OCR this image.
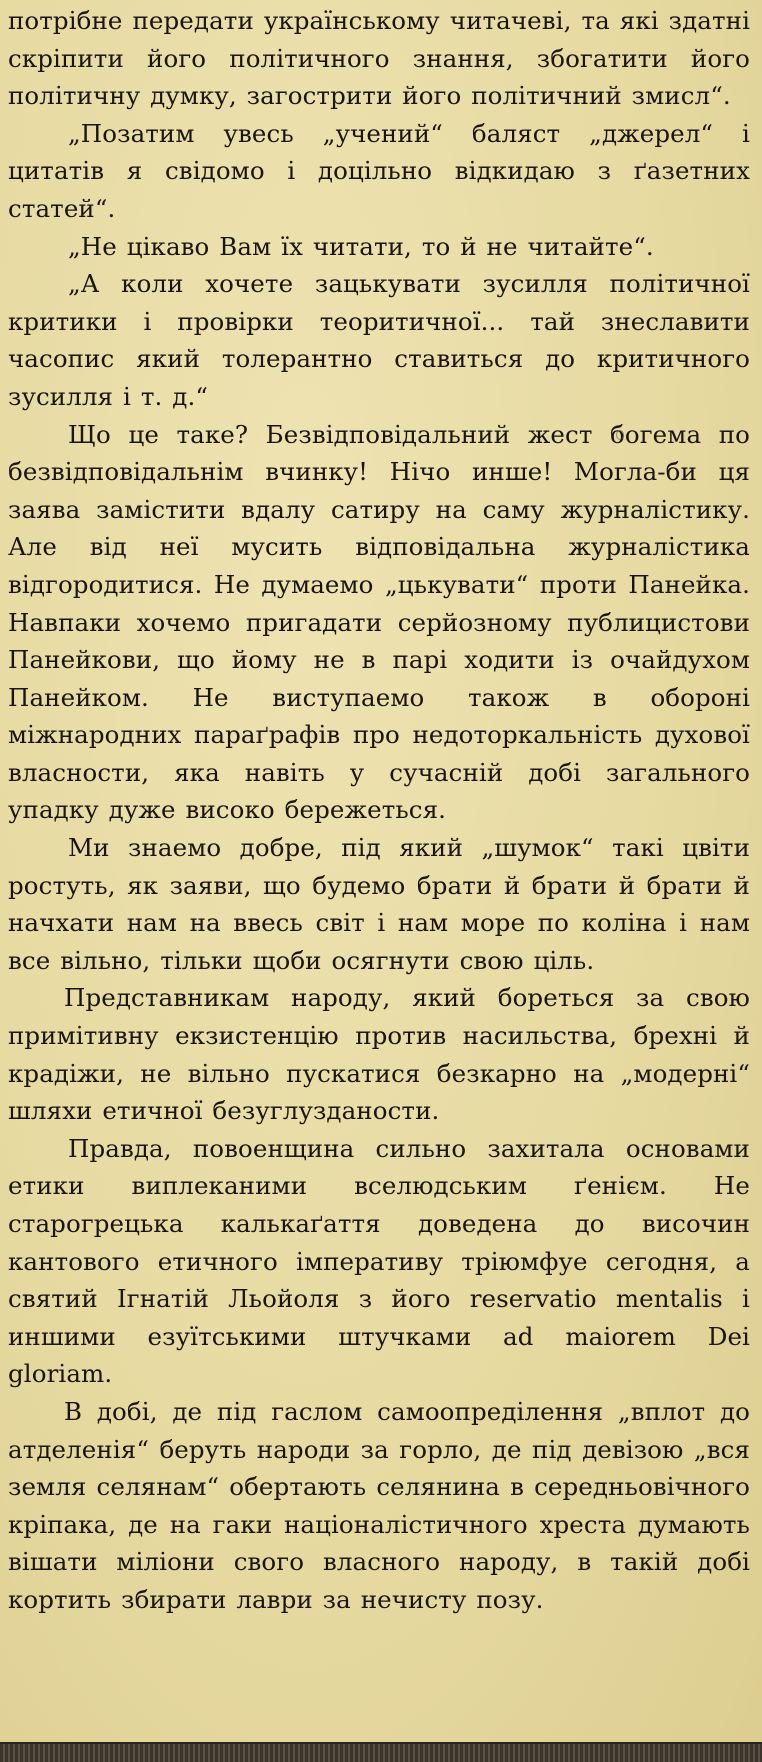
потрібне передати українському читачеві, та які здатні скріпити його політичного знання, збогатити його політичну думку, загострити його політичний змисл“.

„Позатим увесь „учений“ баляст „джерел“ і цитатів я свідомо і доцільно відкидаю з ґазетних статей“.

„Не цікаво Вам їх читати, то й не читайте“.

„А коли хочете зацькувати зусилля політичної критики і провірки теоритичної... тай знеславити часопис який толерантно ставиться до критичного зусилля і т. д.“

Що це таке? Безвідповідальний жест богема по безвідповідальнім вчинку! Нічо инше! Могла-би ця заява замістити вдалу сатиру на саму журналістику. Але від неї мусить відповідальна журналістика відгородитися. Не думаемо „цькувати“ проти Панейка. Навпаки хочемо пригадати серйозному публицистови Панейкови, що йому не в парі ходити із очайдухом Панейком. Не виступаемо також в обороні міжнародних параґрафів про недоторкальність духової власности, яка навіть у сучасній добі загального упадку дуже високо бережеться.

Ми знаемо добре, під який „шумок“ такі цвіти ростуть, як заяви, що будемо брати й брати й брати й начхати нам на ввесь світ і нам море по коліна і нам все вільно, тільки щоби осягнути свою ціль.

Представникам народу, який бореться за свою примітивну екзистенцію против насильства, брехні й крадіжи, не вільно пускатися безкарно на „модерні“ шляхи етичної безуглузданости.

Правда, повоенщина сильно захитала основами етики виплеканими вселюдським ґенієм. Не старогрецька калькаґаття доведена до височин кантового етичного імперативу тріюмфуе сегодня, а святий Ігнатій Льойоля з його reservatio mentalis і иншими езуїтськими штучками ad maiorem Dei gloriam.

В добі, де під гаслом самоопреділення „вплот до атделенія“ беруть народи за горло, де під девізою „вся земля селянам“ обертають селянина в середньовічного кріпака, де на гаки націоналістичного хреста думають вішати міліони свого власного народу, в такій добі кортить збирати лаври за нечисту позу.
